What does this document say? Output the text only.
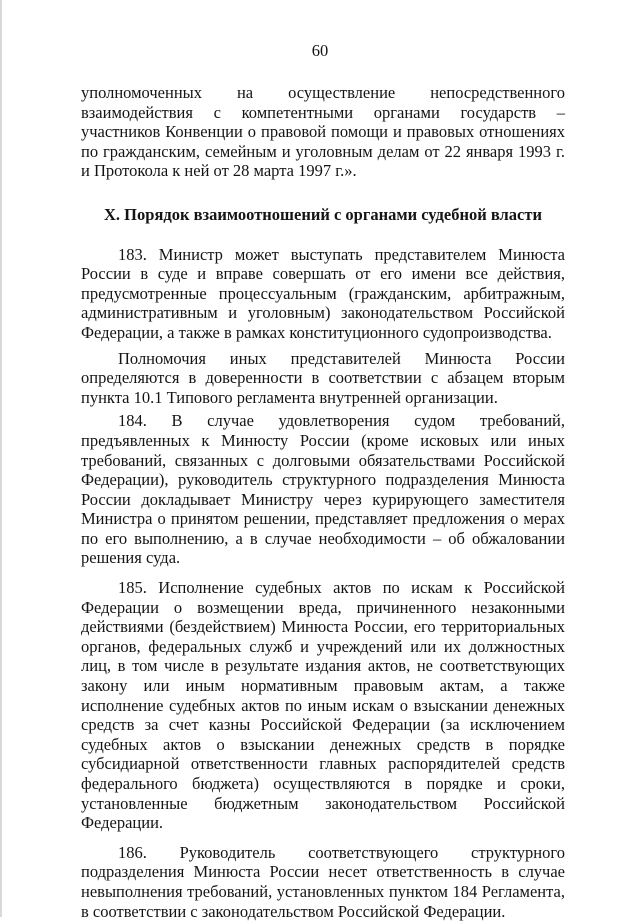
60

уполномоченных на осуществление непосредственного взаимодействия с компетентными органами государств – участников Конвенции о правовой помощи и правовых отношениях по гражданским, семейным и уголовным делам от 22 января 1993 г. и Протокола к ней от 28 марта 1997 г.».

X. Порядок взаимоотношений с органами судебной власти

183. Министр может выступать представителем Минюста России в суде и вправе совершать от его имени все действия, предусмотренные процессуальным (гражданским, арбитражным, административным и уголовным) законодательством Российской Федерации, а также в рамках конституционного судопроизводства.

Полномочия иных представителей Минюста России определяются в доверенности в соответствии с абзацем вторым пункта 10.1 Типового регламента внутренней организации.

184. В случае удовлетворения судом требований, предъявленных к Минюсту России (кроме исковых или иных требований, связанных с долговыми обязательствами Российской Федерации), руководитель структурного подразделения Минюста России докладывает Министру через курирующего заместителя Министра о принятом решении, представляет предложения о мерах по его выполнению, а в случае необходимости – об обжаловании решения суда.

185. Исполнение судебных актов по искам к Российской Федерации о возмещении вреда, причиненного незаконными действиями (бездействием) Минюста России, его территориальных органов, федеральных служб и учреждений или их должностных лиц, в том числе в результате издания актов, не соответствующих закону или иным нормативным правовым актам, а также исполнение судебных актов по иным искам о взыскании денежных средств за счет казны Российской Федерации (за исключением судебных актов о взыскании денежных средств в порядке субсидиарной ответственности главных распорядителей средств федерального бюджета) осуществляются в порядке и сроки, установленные бюджетным законодательством Российской Федерации.

186. Руководитель соответствующего структурного подразделения Минюста России несет ответственность в случае невыполнения требований, установленных пунктом 184 Регламента, в соответствии с законодательством Российской Федерации.
